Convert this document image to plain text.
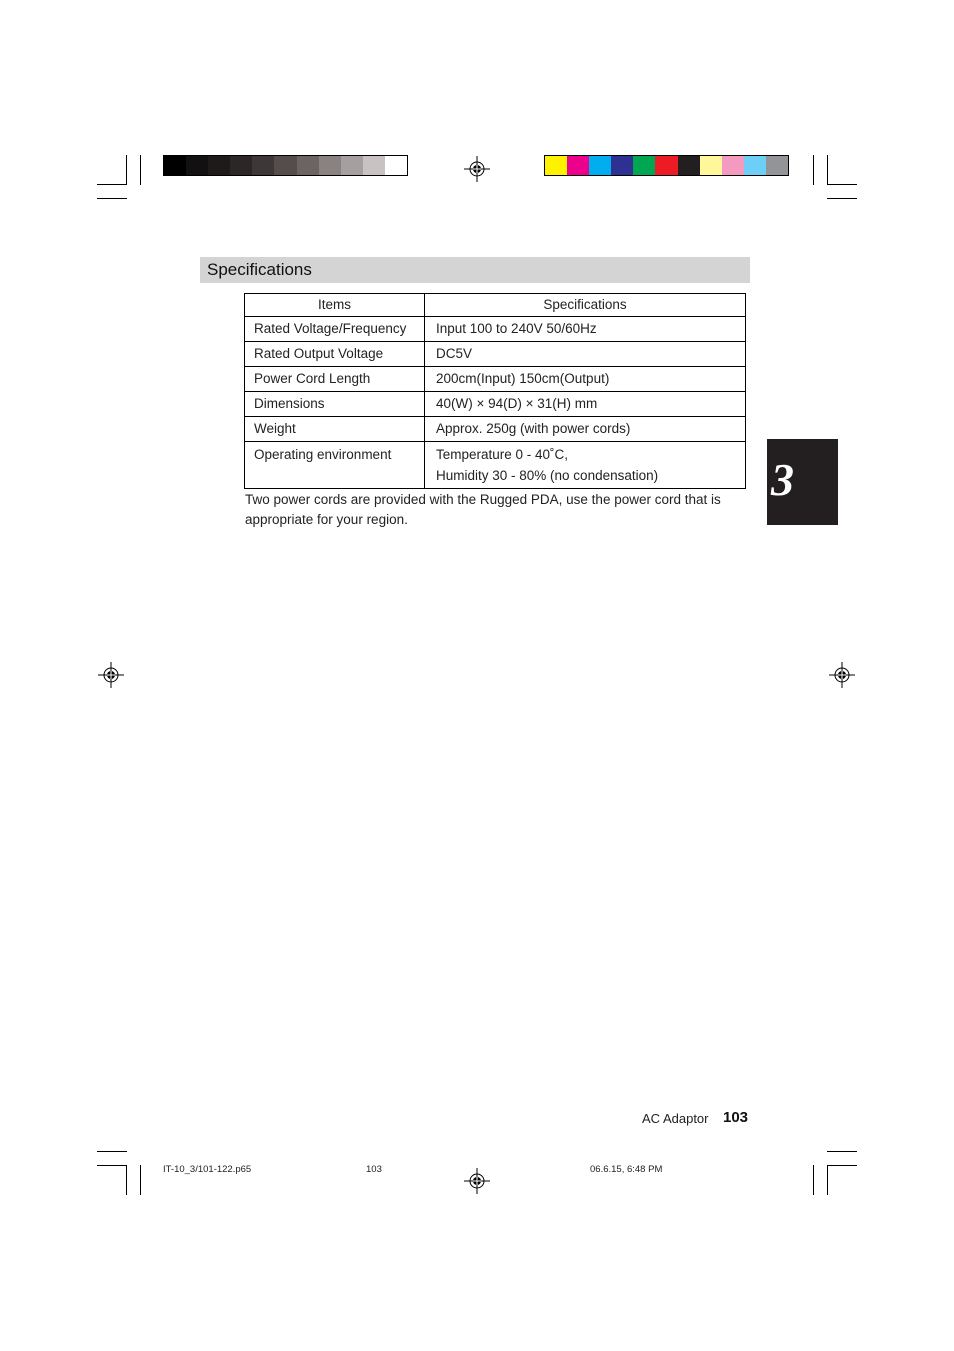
Specifications
Items	Specifications
Rated Voltage/Frequency	Input 100 to 240V 50/60Hz
Rated Output Voltage	DC5V
Power Cord Length	200cm(Input) 150cm(Output)
Dimensions	40(W) × 94(D) × 31(H) mm
Weight	Approx. 250g (with power cords)
Operating environment	Temperature 0 - 40˚C,
Humidity 30 - 80% (no condensation)
Two power cords are provided with the Rugged PDA, use the power cord that is appropriate for your region.
3
AC Adaptor 103
IT-10_3/101-122.p65	103	06.6.15, 6:48 PM
